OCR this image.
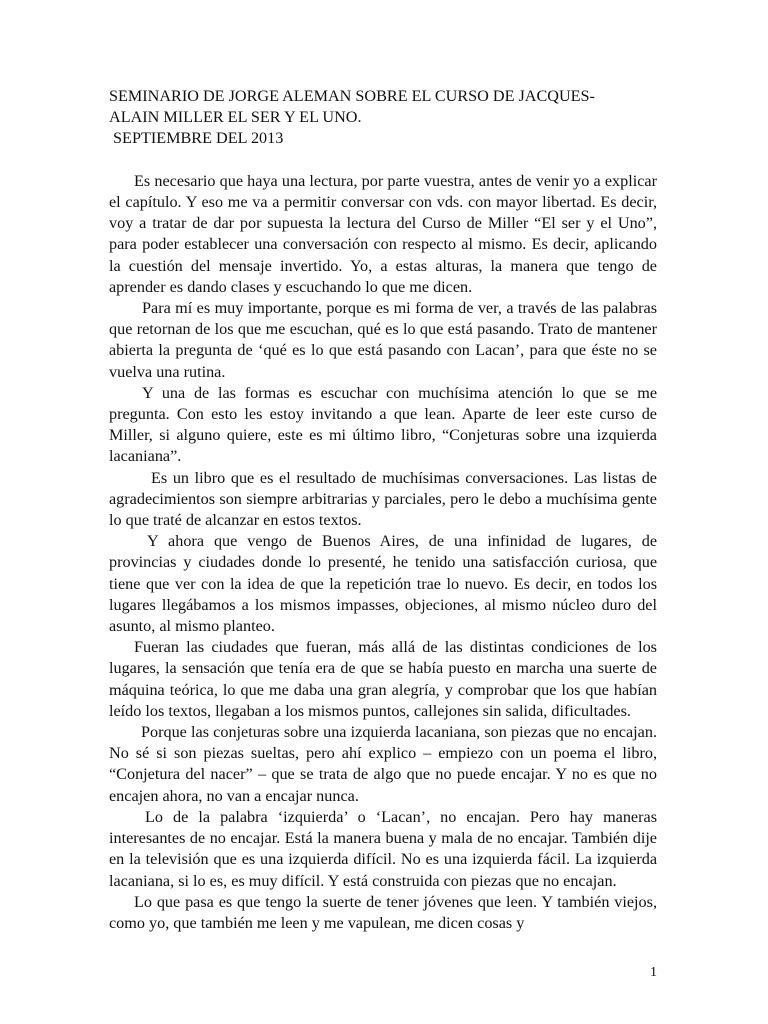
SEMINARIO DE JORGE ALEMAN SOBRE EL CURSO DE JACQUES-
ALAIN MILLER EL SER Y EL UNO.
SEPTIEMBRE DEL 2013

Es necesario que haya una lectura, por parte vuestra, antes de venir yo a explicar el capítulo. Y eso me va a permitir conversar con vds. con mayor libertad. Es decir, voy a tratar de dar por supuesta la lectura del Curso de Miller “El ser y el Uno”, para poder establecer una conversación con respecto al mismo. Es decir, aplicando la cuestión del mensaje invertido. Yo, a estas alturas, la manera que tengo de aprender es dando clases y escuchando lo que me dicen.

Para mí es muy importante, porque es mi forma de ver, a través de las palabras que retornan de los que me escuchan, qué es lo que está pasando. Trato de mantener abierta la pregunta de ‘qué es lo que está pasando con Lacan’, para que éste no se vuelva una rutina.

Y una de las formas es escuchar con muchísima atención lo que se me pregunta. Con esto les estoy invitando a que lean. Aparte de leer este curso de Miller, si alguno quiere, este es mi último libro, “Conjeturas sobre una izquierda lacaniana”.

Es un libro que es el resultado de muchísimas conversaciones. Las listas de agradecimientos son siempre arbitrarias y parciales, pero le debo a muchísima gente lo que traté de alcanzar en estos textos.

Y ahora que vengo de Buenos Aires, de una infinidad de lugares, de provincias y ciudades donde lo presenté, he tenido una satisfacción curiosa, que tiene que ver con la idea de que la repetición trae lo nuevo. Es decir, en todos los lugares llegábamos a los mismos impasses, objeciones, al mismo núcleo duro del asunto, al mismo planteo.

Fueran las ciudades que fueran, más allá de las distintas condiciones de los lugares, la sensación que tenía era de que se había puesto en marcha una suerte de máquina teórica, lo que me daba una gran alegría, y comprobar que los que habían leído los textos, llegaban a los mismos puntos, callejones sin salida, dificultades.

Porque las conjeturas sobre una izquierda lacaniana, son piezas que no encajan. No sé si son piezas sueltas, pero ahí explico – empiezo con un poema el libro, “Conjetura del nacer” – que se trata de algo que no puede encajar. Y no es que no encajen ahora, no van a encajar nunca.

Lo de la palabra ‘izquierda’ o ‘Lacan’, no encajan. Pero hay maneras interesantes de no encajar. Está la manera buena y mala de no encajar. También dije en la televisión que es una izquierda difícil. No es una izquierda fácil. La izquierda lacaniana, si lo es, es muy difícil. Y está construida con piezas que no encajan.

Lo que pasa es que tengo la suerte de tener jóvenes que leen. Y también viejos, como yo, que también me leen y me vapulean, me dicen cosas y

1
